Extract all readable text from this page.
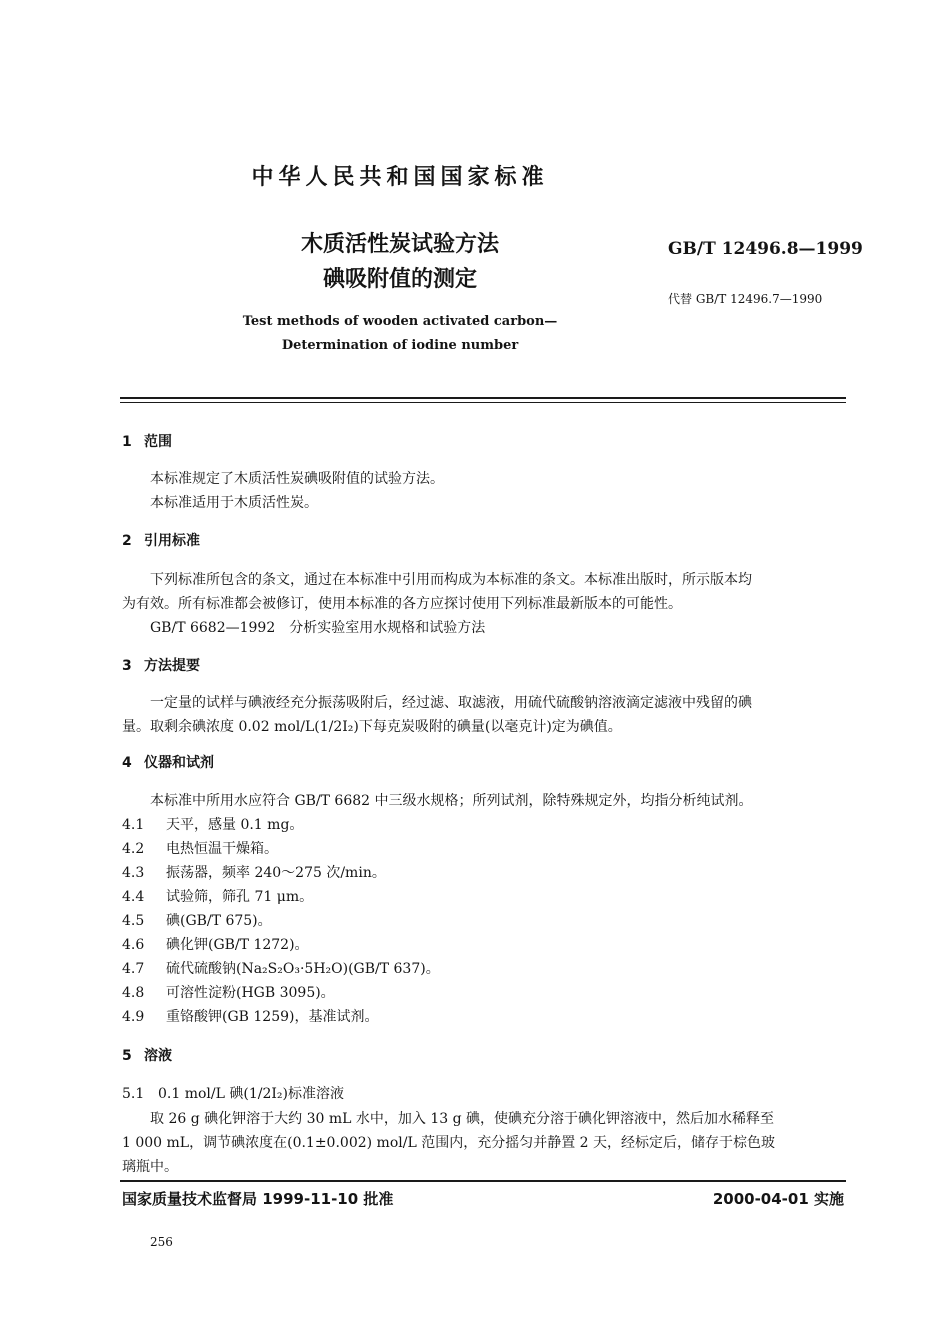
中华人民共和国国家标准
木质活性炭试验方法
碘吸附值的测定
GB/T 12496.8—1999
代替 GB/T 12496.7—1990
Test methods of wooden activated carbon—
Determination of iodine number
1 范围
本标准规定了木质活性炭碘吸附值的试验方法。
本标准适用于木质活性炭。
2 引用标准
下列标准所包含的条文，通过在本标准中引用而构成为本标准的条文。本标准出版时，所示版本均
为有效。所有标准都会被修订，使用本标准的各方应探讨使用下列标准最新版本的可能性。
GB/T 6682—1992　分析实验室用水规格和试验方法
3 方法提要
一定量的试样与碘液经充分振荡吸附后，经过滤、取滤液，用硫代硫酸钠溶液滴定滤液中残留的碘
量。取剩余碘浓度 0.02 mol/L(1/2I₂)下每克炭吸附的碘量(以毫克计)定为碘值。
4 仪器和试剂
本标准中所用水应符合 GB/T 6682 中三级水规格；所列试剂，除特殊规定外，均指分析纯试剂。
4.1 天平，感量 0.1 mg。
4.2 电热恒温干燥箱。
4.3 振荡器，频率 240～275 次/min。
4.4 试验筛，筛孔 71 μm。
4.5 碘(GB/T 675)。
4.6 碘化钾(GB/T 1272)。
4.7 硫代硫酸钠(Na₂S₂O₃·5H₂O)(GB/T 637)。
4.8 可溶性淀粉(HGB 3095)。
4.9 重铬酸钾(GB 1259)，基准试剂。
5 溶液
5.1 0.1 mol/L 碘(1/2I₂)标准溶液
取 26 g 碘化钾溶于大约 30 mL 水中，加入 13 g 碘，使碘充分溶于碘化钾溶液中，然后加水稀释至
1 000 mL，调节碘浓度在(0.1±0.002) mol/L 范围内，充分摇匀并静置 2 天，经标定后，储存于棕色玻
璃瓶中。
国家质量技术监督局 1999-11-10 批准	2000-04-01 实施
256
